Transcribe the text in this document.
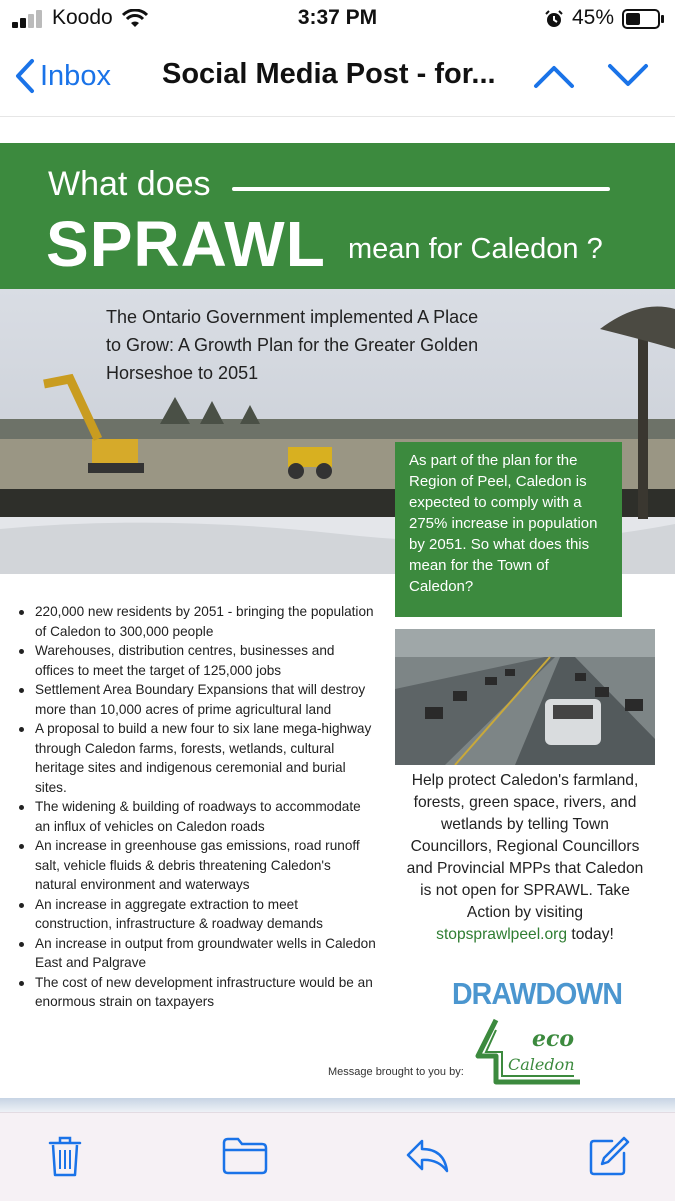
Koodo	3:37 PM	45%
Inbox Social Media Post - for...
What does
SPRAWL mean for Caledon ?
The Ontario Government implemented A Place to Grow: A Growth Plan for the Greater Golden Horseshoe to 2051
As part of the plan for the Region of Peel, Caledon is expected to comply with a 275% increase in population by 2051. So what does this mean for the Town of Caledon?
220,000 new residents by 2051 - bringing the population of Caledon to 300,000 people
Warehouses, distribution centres, businesses and offices to meet the target of 125,000 jobs
Settlement Area Boundary Expansions that will destroy more than 10,000 acres of prime agricultural land
A proposal to build a new four to six lane mega-highway through Caledon farms, forests, wetlands, cultural heritage sites and indigenous ceremonial and burial sites.
The widening & building of roadways to accommodate an influx of vehicles on Caledon roads
An increase in greenhouse gas emissions, road runoff salt, vehicle fluids & debris threatening Caledon's natural environment and waterways
An increase in aggregate extraction to meet construction, infrastructure & roadway demands
An increase in output from groundwater wells in Caledon East and Palgrave
The cost of new development infrastructure would be an enormous strain on taxpayers
Help protect Caledon's farmland, forests, green space, rivers, and wetlands by telling Town Councillors, Regional Councillors and Provincial MPPs that Caledon is not open for SPRAWL. Take Action by visiting stopsprawlpeel.org today!
DRAWDOWN
eco
Caledon
Message brought to you by:
